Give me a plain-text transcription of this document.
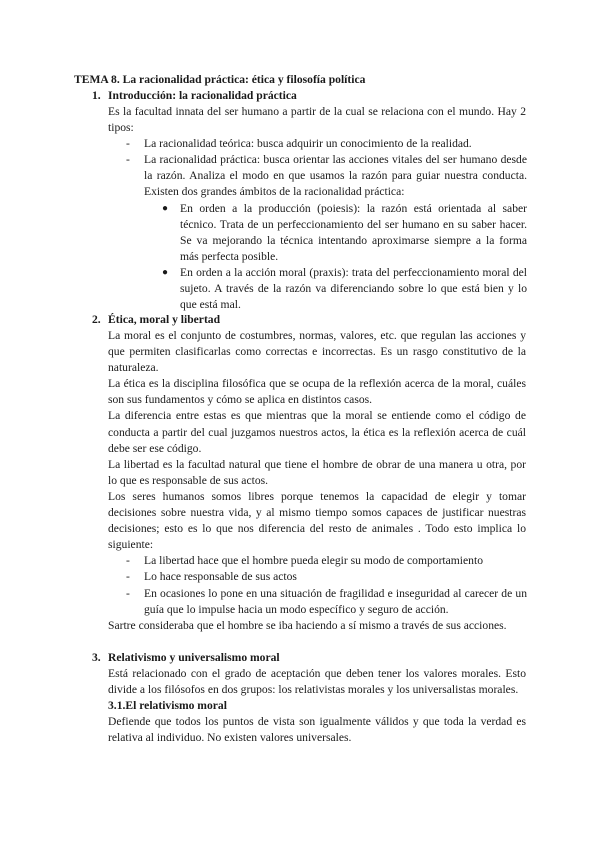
TEMA 8. La racionalidad práctica: ética y filosofía política
1. Introducción: la racionalidad práctica

Es la facultad innata del ser humano a partir de la cual se relaciona con el mundo. Hay 2 tipos:

- La racionalidad teórica: busca adquirir un conocimiento de la realidad.
- La racionalidad práctica: busca orientar las acciones vitales del ser humano desde la razón. Analiza el modo en que usamos la razón para guiar nuestra conducta. Existen dos grandes ámbitos de la racionalidad práctica:
● En orden a la producción (poiesis): la razón está orientada al saber técnico. Trata de un perfeccionamiento del ser humano en su saber hacer. Se va mejorando la técnica intentando aproximarse siempre a la forma más perfecta posible.
● En orden a la acción moral (praxis): trata del perfeccionamiento moral del sujeto. A través de la razón va diferenciando sobre lo que está bien y lo que está mal.
2. Ética, moral y libertad

La moral es el conjunto de costumbres, normas, valores, etc. que regulan las acciones y que permiten clasificarlas como correctas e incorrectas. Es un rasgo constitutivo de la naturaleza.

La ética es la disciplina filosófica que se ocupa de la reflexión acerca de la moral, cuáles son sus fundamentos y cómo se aplica en distintos casos.

La diferencia entre estas es que mientras que la moral se entiende como el código de conducta a partir del cual juzgamos nuestros actos, la ética es la reflexión acerca de cuál debe ser ese código.

La libertad es la facultad natural que tiene el hombre de obrar de una manera u otra, por lo que es responsable de sus actos.

Los seres humanos somos libres porque tenemos la capacidad de elegir y tomar decisiones sobre nuestra vida, y al mismo tiempo somos capaces de justificar nuestras decisiones; esto es lo que nos diferencia del resto de animales . Todo esto implica lo siguiente:

- La libertad hace que el hombre pueda elegir su modo de comportamiento
- Lo hace responsable de sus actos
- En ocasiones lo pone en una situación de fragilidad e inseguridad al carecer de un guía que lo impulse hacia un modo específico y seguro de acción.

Sartre consideraba que el hombre se iba haciendo a sí mismo a través de sus acciones.

3. Relativismo y universalismo moral

Está relacionado con el grado de aceptación que deben tener los valores morales. Esto divide a los filósofos en dos grupos: los relativistas morales y los universalistas morales.

3.1.El relativismo moral

Defiende que todos los puntos de vista son igualmente válidos y que toda la verdad es relativa al individuo. No existen valores universales.
